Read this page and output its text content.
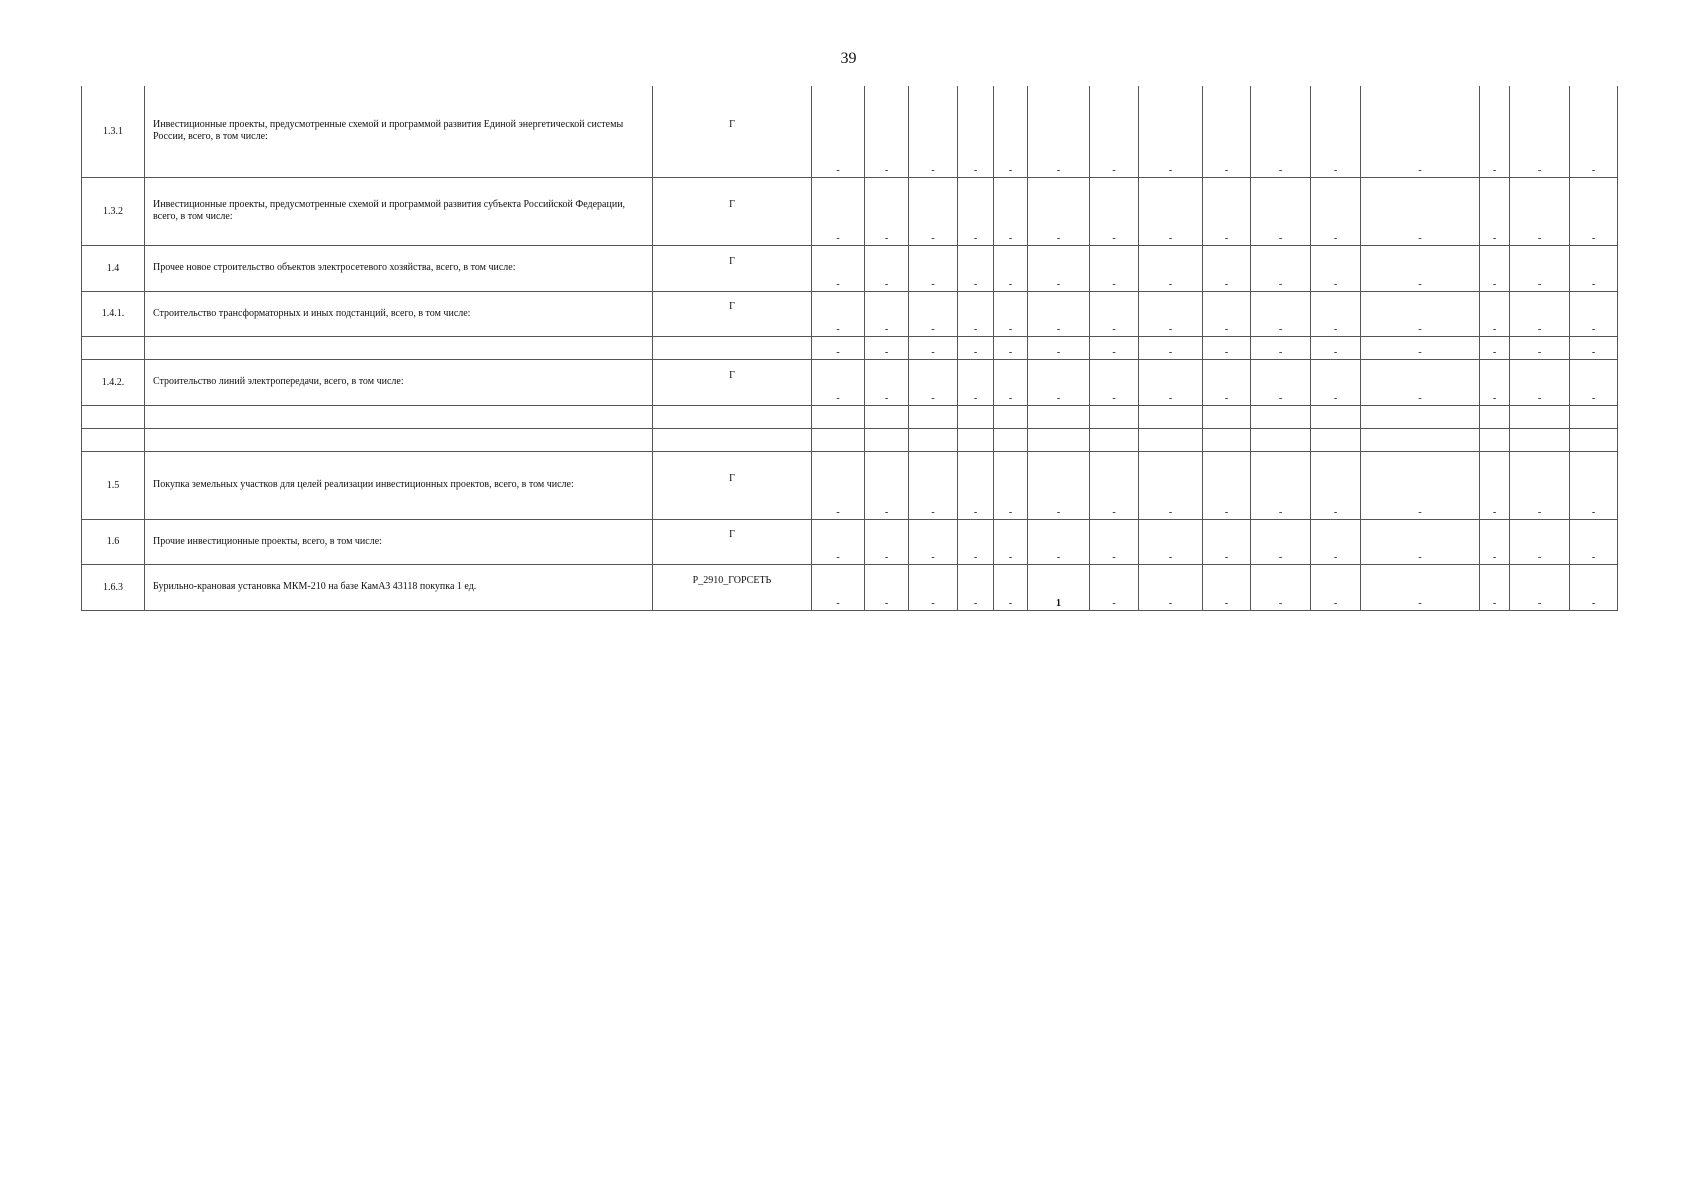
39
1.3.1	Инвестиционные проекты, предусмотренные схемой и программой развития Единой энергетической системы России, всего, в том числе:	Г	-	-	-	-	-	-	-	-	-	-	-	-	-	-	-
1.3.2	Инвестиционные проекты, предусмотренные схемой и программой развития субъекта Российской Федерации, всего, в том числе:	Г	-	-	-	-	-	-	-	-	-	-	-	-	-	-	-
1.4	Прочее новое строительство объектов электросетевого хозяйства, всего, в том числе:	Г	-	-	-	-	-	-	-	-	-	-	-	-	-	-	-
1.4.1.	Строительство трансформаторных и иных подстанций, всего, в том числе:	Г	-	-	-	-	-	-	-	-	-	-	-	-	-	-	-
			-	-	-	-	-	-	-	-	-	-	-	-	-	-	-
1.4.2.	Строительство линий электропередачи, всего, в том числе:	Г	-	-	-	-	-	-	-	-	-	-	-	-	-	-	-

1.5	Покупка земельных участков для целей реализации инвестиционных проектов, всего, в том числе:	Г	-	-	-	-	-	-	-	-	-	-	-	-	-	-	-
1.6	Прочие инвестиционные проекты, всего, в том числе:	Г	-	-	-	-	-	-	-	-	-	-	-	-	-	-	-
1.6.3	Бурильно-крановая установка МКМ-210 на базе КамАЗ 43118 покупка 1 ед.	P_2910_ГОРСЕТЬ	-	-	-	-	-	1	-	-	-	-	-	-	-	-	-
